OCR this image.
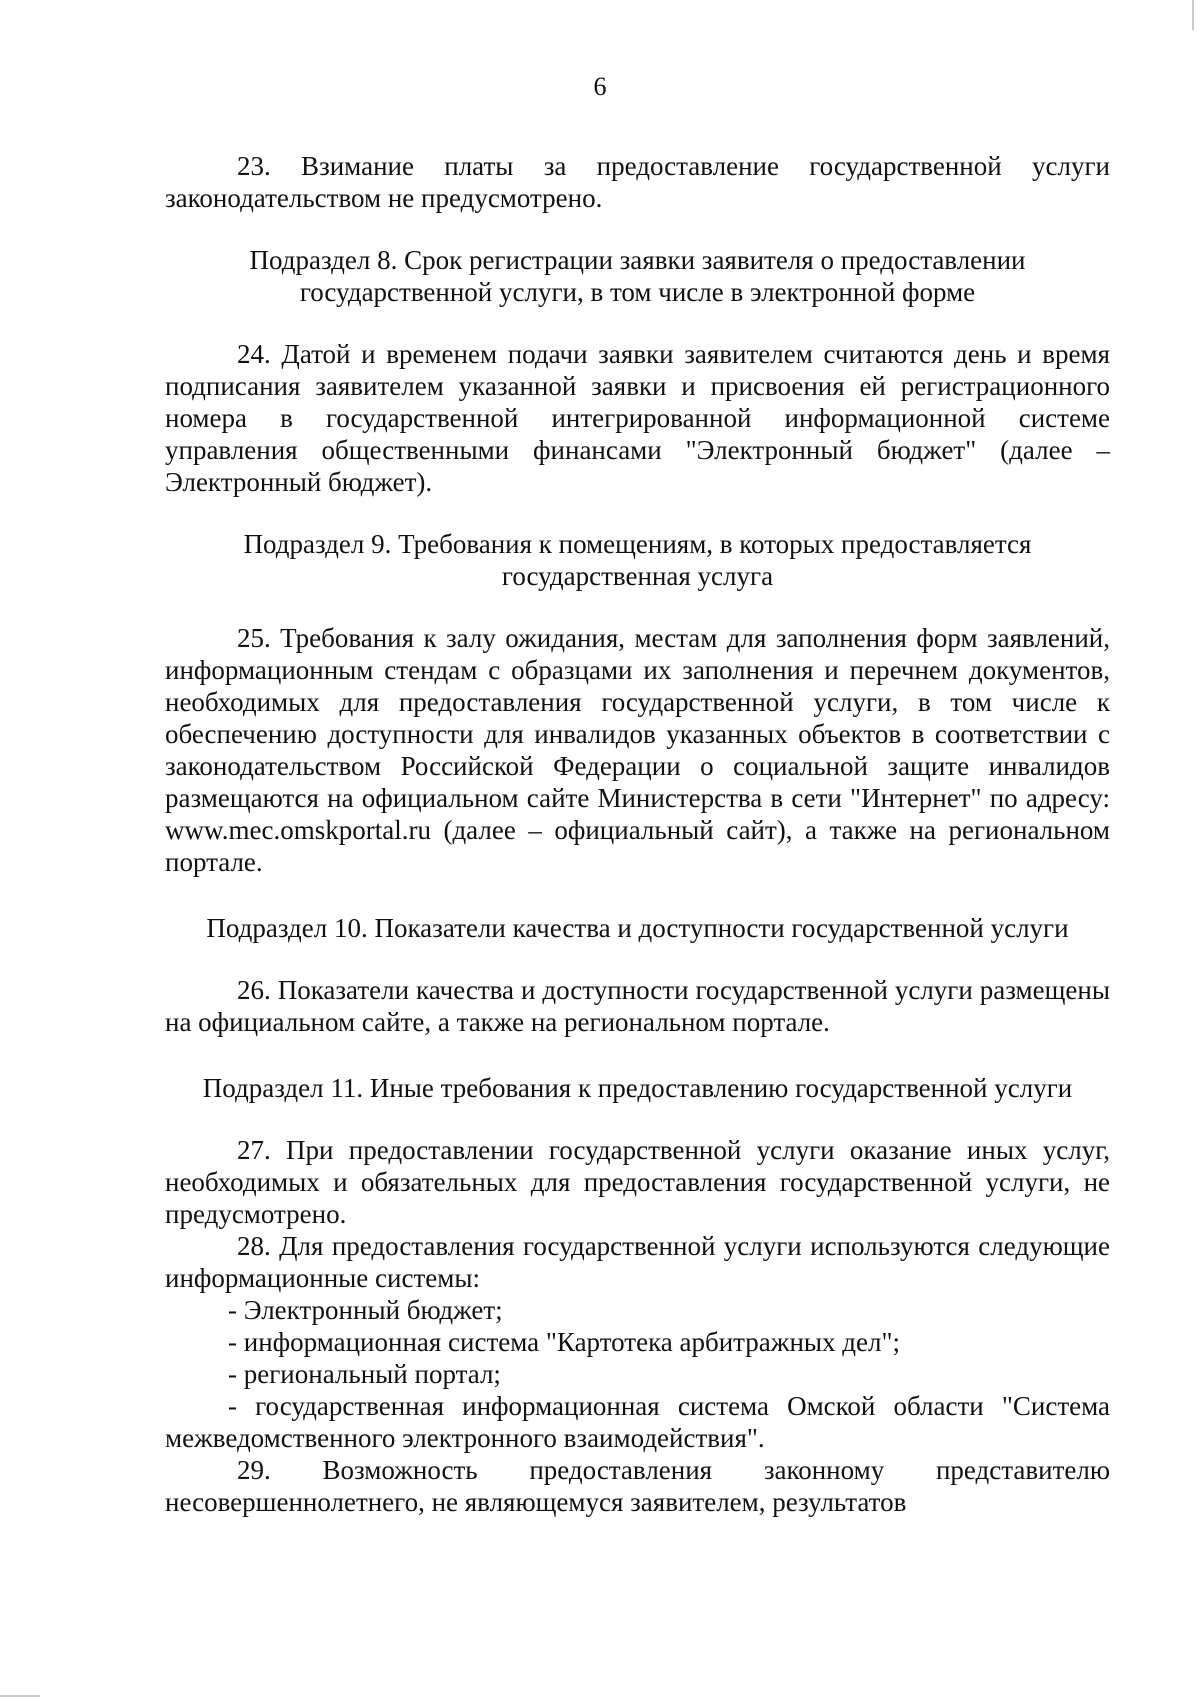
6

23. Взимание платы за предоставление государственной услуги законодательством не предусмотрено.

Подраздел 8. Срок регистрации заявки заявителя о предоставлении государственной услуги, в том числе в электронной форме

24. Датой и временем подачи заявки заявителем считаются день и время подписания заявителем указанной заявки и присвоения ей регистрационного номера в государственной интегрированной информационной системе управления общественными финансами "Электронный бюджет" (далее – Электронный бюджет).

Подраздел 9. Требования к помещениям, в которых предоставляется государственная услуга

25. Требования к залу ожидания, местам для заполнения форм заявлений, информационным стендам с образцами их заполнения и перечнем документов, необходимых для предоставления государственной услуги, в том числе к обеспечению доступности для инвалидов указанных объектов в соответствии с законодательством Российской Федерации о социальной защите инвалидов размещаются на официальном сайте Министерства в сети "Интернет" по адресу: www.mec.omskportal.ru (далее – официальный сайт), а также на региональном портале.

Подраздел 10. Показатели качества и доступности государственной услуги

26. Показатели качества и доступности государственной услуги размещены на официальном сайте, а также на региональном портале.

Подраздел 11. Иные требования к предоставлению государственной услуги

27. При предоставлении государственной услуги оказание иных услуг, необходимых и обязательных для предоставления государственной услуги, не предусмотрено.

28. Для предоставления государственной услуги используются следующие информационные системы:

- Электронный бюджет;

- информационная система "Картотека арбитражных дел";

- региональный портал;

- государственная информационная система Омской области "Система межведомственного электронного взаимодействия".

29. Возможность предоставления законному представителю несовершеннолетнего, не являющемуся заявителем, результатов
